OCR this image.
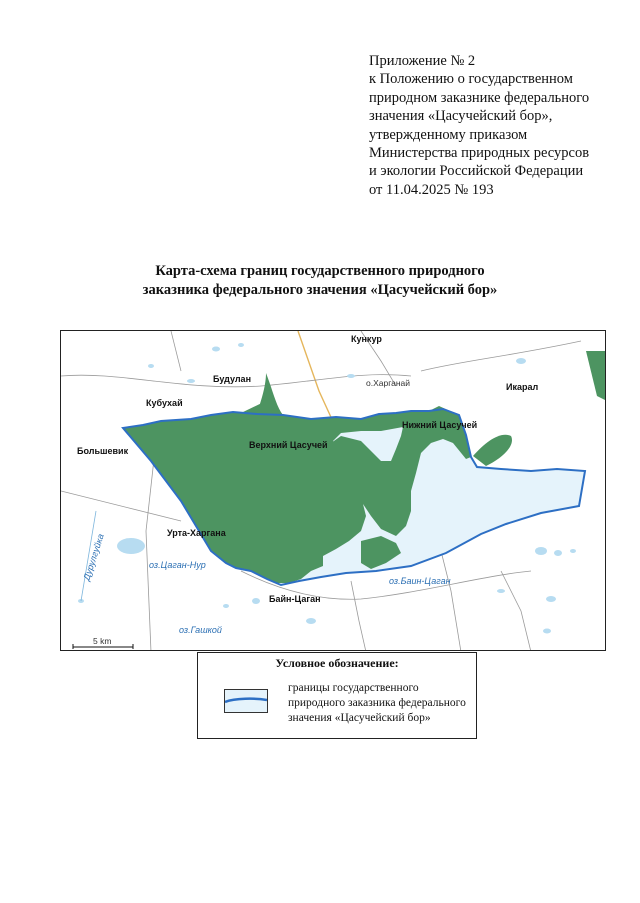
Приложение № 2
к Положению о государственном
природном заказнике федерального
значения «Цасучейский бор»,
утвержденному приказом
Министерства природных ресурсов
и экологии Российской Федерации
от 11.04.2025 № 193
Карта-схема границ государственного природного
заказника федерального значения «Цасучейский бор»
Кункур
Будулан
Кубухай
Икарал
Большевик
Верхний Цасучей
Нижний Цасучей
Урта-Харгана
Байн-Цаган
о.Харганай
оз.Цаган-Нур
оз.Баин-Цаган
оз.Гашкой
Дурулгуйка
5 km
Условное обозначение:
границы государственного
природного заказника федерального
значения «Цасучейский бор»
